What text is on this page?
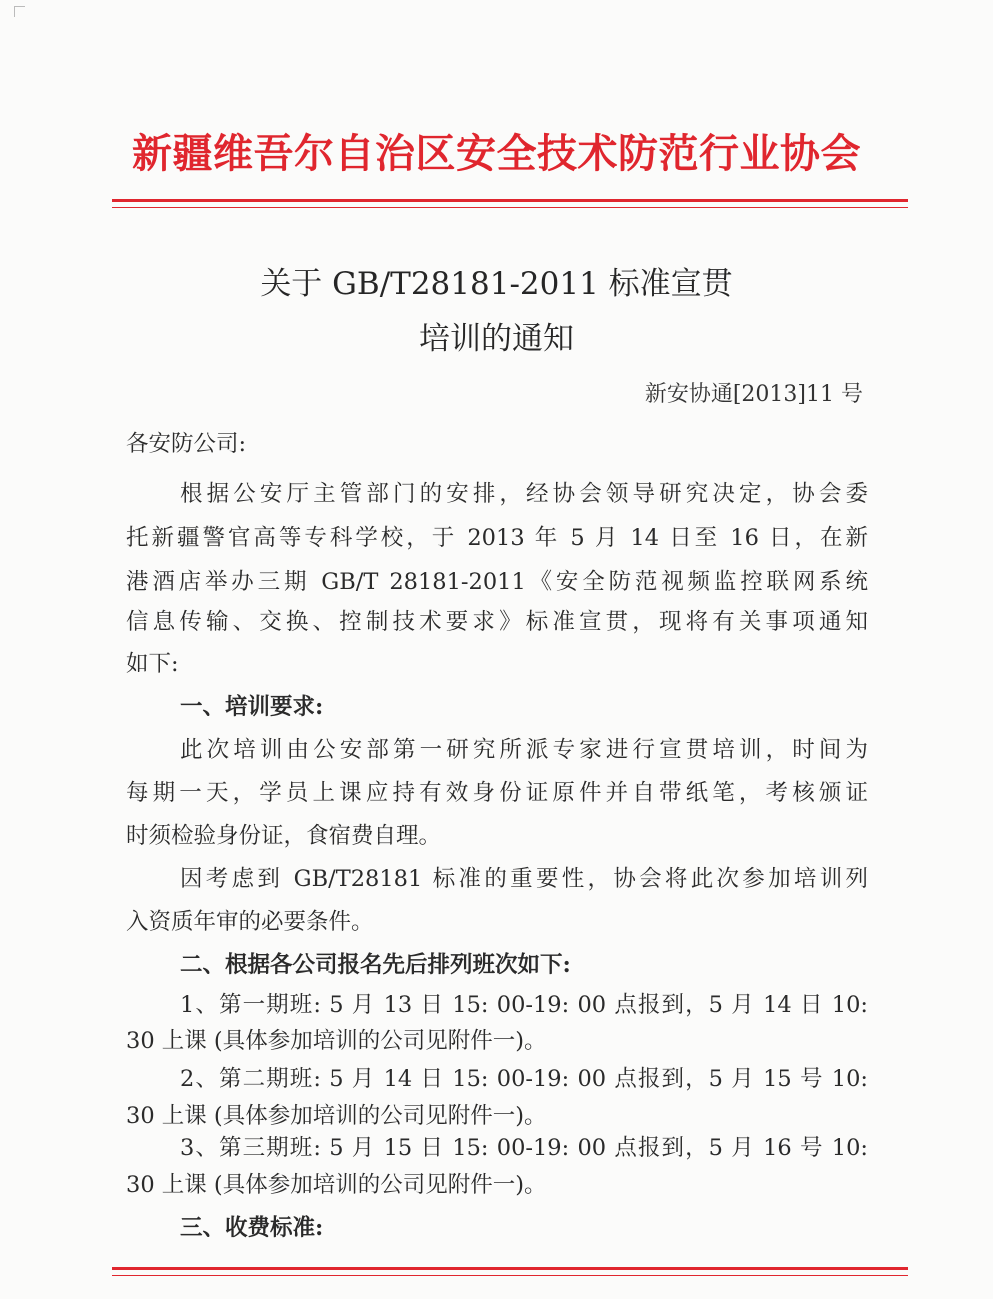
新疆维吾尔自治区安全技术防范行业协会
关于 GB/T28181-2011 标准宣贯
培训的通知
新安协通[2013]11 号
各安防公司:
根据公安厅主管部门的安排，经协会领导研究决定，协会委
托新疆警官高等专科学校，于 2013 年 5 月 14 日至 16 日，在新
港酒店举办三期 GB/T 28181-2011《安全防范视频监控联网系统
信息传输、交换、控制技术要求》标准宣贯，现将有关事项通知
如下:
一、培训要求:
此次培训由公安部第一研究所派专家进行宣贯培训，时间为
每期一天，学员上课应持有效身份证原件并自带纸笔，考核颁证
时须检验身份证，食宿费自理。
因考虑到 GB/T28181 标准的重要性，协会将此次参加培训列
入资质年审的必要条件。
二、根据各公司报名先后排列班次如下:
1、第一期班: 5 月 13 日 15: 00-19: 00 点报到，5 月 14 日 10:
30 上课 (具体参加培训的公司见附件一)。
2、第二期班: 5 月 14 日 15: 00-19: 00 点报到，5 月 15 号 10:
30 上课 (具体参加培训的公司见附件一)。
3、第三期班: 5 月 15 日 15: 00-19: 00 点报到，5 月 16 号 10:
30 上课 (具体参加培训的公司见附件一)。
三、收费标准:
